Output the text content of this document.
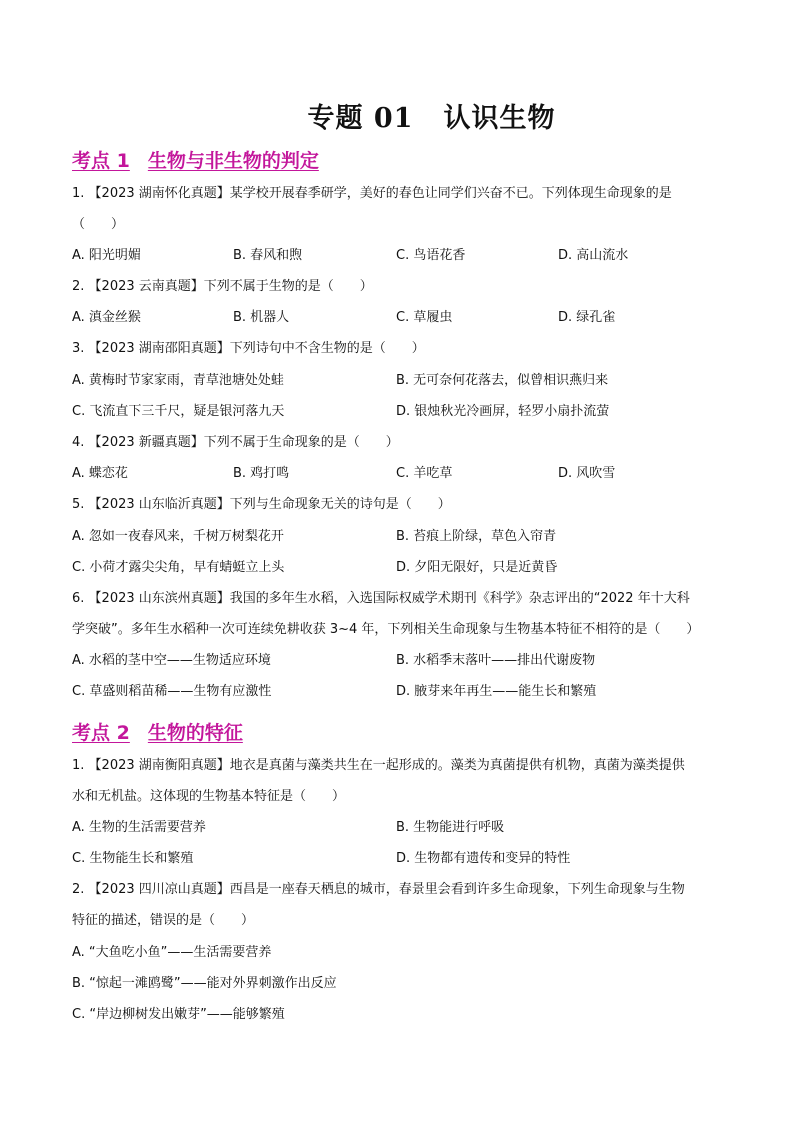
专题 01 认识生物
考点 1 生物与非生物的判定
1. 【2023 湖南怀化真题】某学校开展春季研学，美好的春色让同学们兴奋不已。下列体现生命现象的是
（　　）
A. 阳光明媚	B. 春风和煦	C. 鸟语花香	D. 高山流水
2. 【2023 云南真题】下列不属于生物的是（　　）
A. 滇金丝猴	B. 机器人	C. 草履虫	D. 绿孔雀
3. 【2023 湖南邵阳真题】下列诗句中不含生物的是（　　）
A. 黄梅时节家家雨，青草池塘处处蛙	B. 无可奈何花落去，似曾相识燕归来
C. 飞流直下三千尺，疑是银河落九天	D. 银烛秋光冷画屏，轻罗小扇扑流萤
4. 【2023 新疆真题】下列不属于生命现象的是（　　）
A. 蝶恋花	B. 鸡打鸣	C. 羊吃草	D. 风吹雪
5. 【2023 山东临沂真题】下列与生命现象无关的诗句是（　　）
A. 忽如一夜春风来，千树万树梨花开	B. 苔痕上阶绿，草色入帘青
C. 小荷才露尖尖角，早有蜻蜓立上头	D. 夕阳无限好，只是近黄昏
6. 【2023 山东滨州真题】我国的多年生水稻，入选国际权威学术期刊《科学》杂志评出的“2022 年十大科
学突破”。多年生水稻种一次可连续免耕收获 3~4 年，下列相关生命现象与生物基本特征不相符的是（　　）
A. 水稻的茎中空——生物适应环境	B. 水稻季末落叶——排出代谢废物
C. 草盛则稻苗稀——生物有应激性	D. 腋芽来年再生——能生长和繁殖
考点 2 生物的特征
1. 【2023 湖南衡阳真题】地衣是真菌与藻类共生在一起形成的。藻类为真菌提供有机物，真菌为藻类提供
水和无机盐。这体现的生物基本特征是（　　）
A. 生物的生活需要营养	B. 生物能进行呼吸
C. 生物能生长和繁殖	D. 生物都有遗传和变异的特性
2. 【2023 四川凉山真题】西昌是一座春天栖息的城市，春景里会看到许多生命现象，下列生命现象与生物
特征的描述，错误的是（　　）
A. “大鱼吃小鱼”——生活需要营养
B. “惊起一滩鸥鹭”——能对外界刺激作出反应
C. “岸边柳树发出嫩芽”——能够繁殖
